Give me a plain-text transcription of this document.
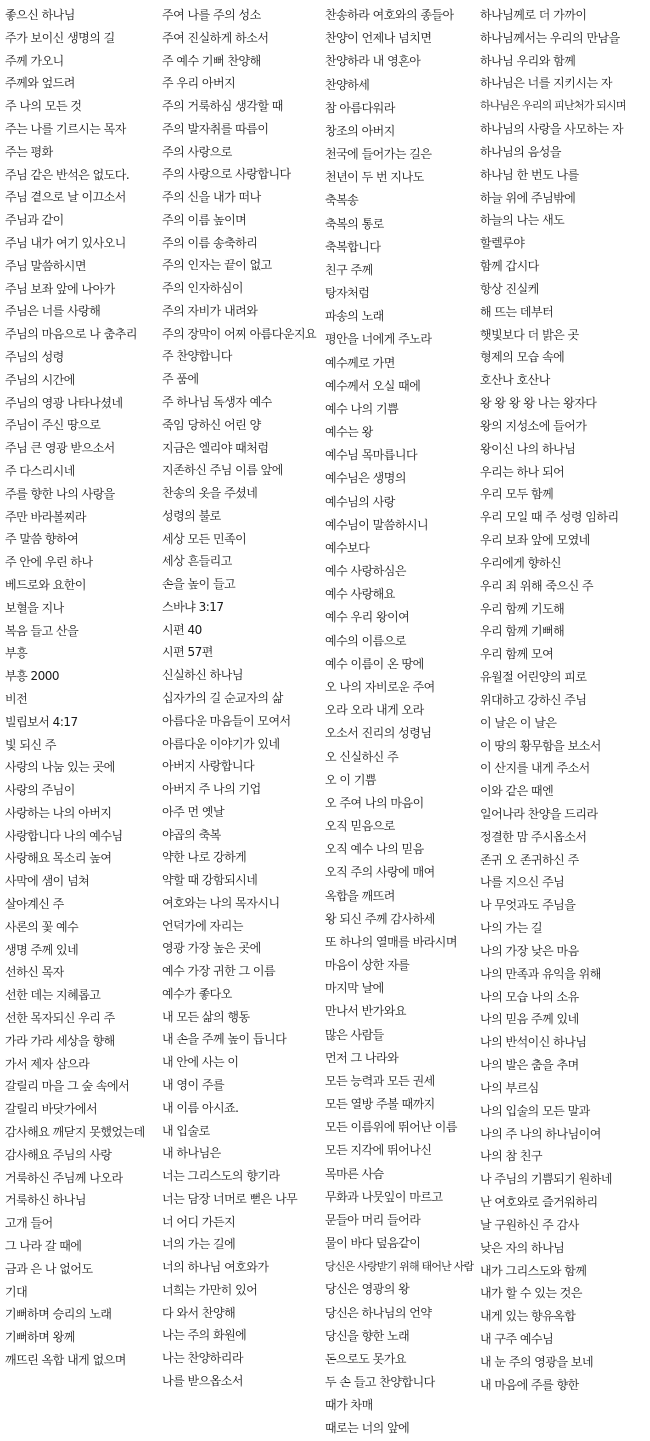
좋으신 하나님
주가 보이신 생명의 길
주께 가오니
주께와 엎드려
주 나의 모든 것
주는 나를 기르시는 목자
주는 평화
주님 같은 반석은 없도다.
주님 곁으로 날 이끄소서
주님과 같이
주님 내가 여기 있사오니
주님 말씀하시면
주님 보좌 앞에 나아가
주님은 너를 사랑해
주님의 마음으로 나 춤추리
주님의 성령
주님의 시간에
주님의 영광 나타나셨네
주님이 주신 땅으로
주님 큰 영광 받으소서
주 다스리시네
주를 향한 나의 사랑을
주만 바라볼찌라
주 말씀 향하여
주 안에 우린 하나
베드로와 요한이
보혈을 지나
복음 들고 산을
부흥
부흥 2000
비전
빌립보서 4:17
빛 되신 주
사랑의 나눔 있는 곳에
사랑의 주님이
사랑하는 나의 아버지
사랑합니다 나의 예수님
사랑해요 목소리 높여
사막에 샘이 넘쳐
살아계신 주
사론의 꽃 예수
생명 주께 있네
선하신 목자
선한 데는 지혜롭고
선한 목자되신 우리 주
가라 가라 세상을 향해
가서 제자 삼으라
갈릴리 마을 그 숲 속에서
갈릴리 바닷가에서
감사해요 깨닫지 못했었는데
감사해요 주님의 사랑
거룩하신 주님께 나오라
거룩하신 하나님
고개 들어
그 나라 갈 때에
금과 은 나 없어도
기대
기뻐하며 승리의 노래
기뻐하며 왕께
깨뜨린 옥합 내게 없으며
주여 나를 주의 성소
주여 진실하게 하소서
주 예수 기뻐 찬양해
주 우리 아버지
주의 거룩하심 생각할 때
주의 발자취를 따름이
주의 사랑으로
주의 사랑으로 사랑합니다
주의 신을 내가 떠나
주의 이름 높이며
주의 이름 송축하리
주의 인자는 끝이 없고
주의 인자하심이
주의 자비가 내려와
주의 장막이 어찌 아름다운지요
주 찬양합니다
주 품에
주 하나님 독생자 예수
죽임 당하신 어린 양
지금은 엘리야 때처럼
지존하신 주님 이름 앞에
찬송의 옷을 주셨네
성령의 불로
세상 모든 민족이
세상 흔들리고
손을 높이 들고
스바냐 3:17
시편 40
시편 57편
신실하신 하나님
십자가의 길 순교자의 삶
아름다운 마음들이 모여서
아름다운 이야기가 있네
아버지 사랑합니다
아버지 주 나의 기업
아주 먼 옛날
야곱의 축복
약한 나로 강하게
약할 때 강함되시네
여호와는 나의 목자시니
언덕가에 자리는
영광 가장 높은 곳에
예수 가장 귀한 그 이름
예수가 좋다오
내 모든 삶의 행동
내 손을 주께 높이 듭니다
내 안에 사는 이
내 영이 주를
내 이름 아시죠.
내 입술로
내 하나님은
너는 그리스도의 향기라
너는 담장 너머로 뻗은 나무
너 어디 가든지
너의 가는 길에
너의 하나님 여호와가
너희는 가만히 있어
다 와서 찬양해
나는 주의 화원에
나는 찬양하리라
나를 받으옵소서
찬송하라 여호와의 종들아
찬양이 언제나 넘치면
찬양하라 내 영혼아
찬양하세
참 아름다워라
창조의 아버지
천국에 들어가는 길은
천년이 두 번 지나도
축복송
축복의 통로
축복합니다
친구 주께
탕자처럼
파송의 노래
평안을 너에게 주노라
예수께로 가면
예수께서 오실 때에
예수 나의 기쁨
예수는 왕
예수님 목마릅니다
예수님은 생명의
예수님의 사랑
예수님이 말씀하시니
예수보다
예수 사랑하심은
예수 사랑해요
예수 우리 왕이여
예수의 이름으로
예수 이름이 온 땅에
오 나의 자비로운 주여
오라 오라 내게 오라
오소서 진리의 성령님
오 신실하신 주
오 이 기쁨
오 주여 나의 마음이
오직 믿음으로
오직 예수 나의 믿음
오직 주의 사랑에 매여
옥합을 깨뜨려
왕 되신 주께 감사하세
또 하나의 열매를 바라시며
마음이 상한 자를
마지막 날에
만나서 반가와요
많은 사람들
먼저 그 나라와
모든 능력과 모든 권세
모든 열방 주볼 때까지
모든 이름위에 뛰어난 이름
모든 지각에 뛰어나신
목마른 사슴
무화과 나뭇잎이 마르고
문들아 머리 들어라
물이 바다 덮음같이
당신은 사랑받기 위해 태어난 사람
당신은 영광의 왕
당신은 하나님의 언약
당신을 향한 노래
돈으로도 못가요
두 손 들고 찬양합니다
때가 차매
때로는 너의 앞에
하나님께로 더 가까이
하나님께서는 우리의 만남을
하나님 우리와 함께
하나님은 너를 지키시는 자
하나님은 우리의 피난처가 되시며
하나님의 사랑을 사모하는 자
하나님의 음성을
하나님 한 번도 나를
하늘 위에 주님밖에
하늘의 나는 새도
할렐루야
함께 갑시다
항상 진실케
해 뜨는 데부터
햇빛보다 더 밝은 곳
형제의 모습 속에
호산나 호산나
왕 왕 왕 왕 나는 왕자다
왕의 지성소에 들어가
왕이신 나의 하나님
우리는 하나 되어
우리 모두 함께
우리 모일 때 주 성령 임하리
우리 보좌 앞에 모였네
우리에게 향하신
우리 죄 위해 죽으신 주
우리 함께 기도해
우리 함께 기뻐해
우리 함께 모여
유월절 어린양의 피로
위대하고 강하신 주님
이 날은 이 날은
이 땅의 황무함을 보소서
이 산지를 내게 주소서
이와 같은 때엔
일어나라 찬양을 드리라
정결한 맘 주시옵소서
존귀 오 존귀하신 주
나를 지으신 주님
나 무엇과도 주님을
나의 가는 길
나의 가장 낮은 마음
나의 만족과 유익을 위해
나의 모습 나의 소유
나의 믿음 주께 있네
나의 반석이신 하나님
나의 발은 춤을 추며
나의 부르심
나의 입술의 모든 말과
나의 주 나의 하나님이여
나의 참 친구
나 주님의 기쁨되기 원하네
난 여호와로 즐거워하리
날 구원하신 주 감사
낮은 자의 하나님
내가 그리스도와 함께
내가 할 수 있는 것은
내게 있는 향유옥합
내 구주 예수님
내 눈 주의 영광을 보네
내 마음에 주를 향한
